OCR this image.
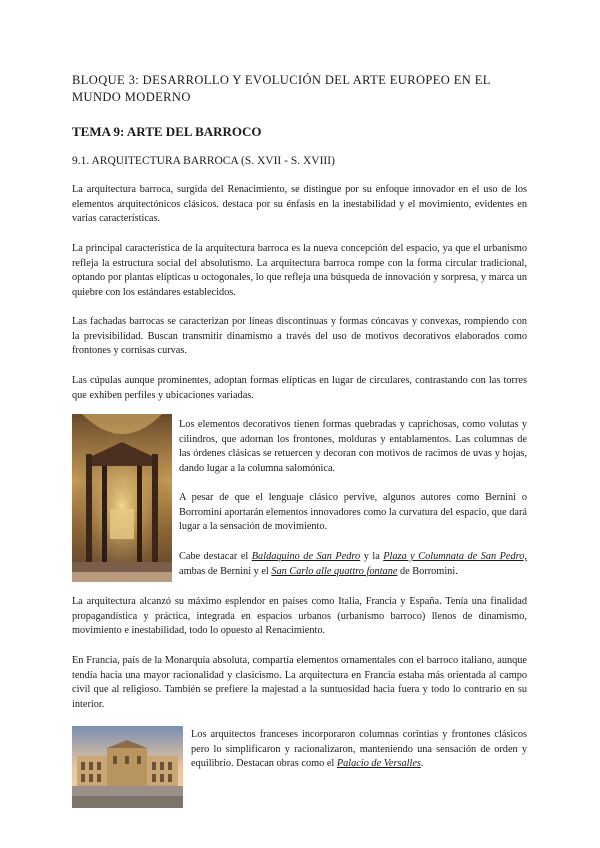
BLOQUE 3: DESARROLLO Y EVOLUCIÓN DEL ARTE EUROPEO EN EL MUNDO MODERNO
TEMA 9: ARTE DEL BARROCO
9.1. ARQUITECTURA BARROCA (S. XVII - S. XVIII)

La arquitectura barroca, surgida del Renacimiento, se distingue por su enfoque innovador en el uso de los elementos arquitectónicos clásicos. destaca por su énfasis en la inestabilidad y el movimiento, evidentes en varias características.

La principal característica de la arquitectura barroca es la nueva concepción del espacio, ya que el urbanismo refleja la estructura social del absolutismo. La arquitectura barroca rompe con la forma circular tradicional, optando por plantas elípticas u octogonales, lo que refleja una búsqueda de innovación y sorpresa, y marca un quiebre con los estándares establecidos.

Las fachadas barrocas se caracterizan por líneas discontinuas y formas cóncavas y convexas, rompiendo con la previsibilidad. Buscan transmitir dinamismo a través del uso de motivos decorativos elaborados como frontones y cornisas curvas.

Las cúpulas aunque prominentes, adoptan formas elípticas en lugar de circulares, contrastando con las torres que exhiben perfiles y ubicaciones variadas.

Los elementos decorativos tienen formas quebradas y caprichosas, como volutas y cilindros, que adornan los frontones, molduras y entablamentos. Las columnas de las órdenes clásicas se retuercen y decoran con motivos de racimos de uvas y hojas, dando lugar a la columna salomónica.

A pesar de que el lenguaje clásico pervive, algunos autores como Bernini o Borromini aportarán elementos innovadores como la curvatura del espacio, que dará lugar a la sensación de movimiento.

Cabe destacar el Baldaquino de San Pedro y la Plaza y Columnata de San Pedro, ambas de Bernini y el San Carlo alle quattro fontane de Borromini.

La arquitectura alcanzó su máximo esplendor en países como Italia, Francia y España. Tenía una finalidad propagandística y práctica, integrada en espacios urbanos (urbanismo barroco) llenos de dinamismo, movimiento e inestabilidad, todo lo opuesto al Renacimiento.

En Francia, país de la Monarquía absoluta, compartía elementos ornamentales con el barroco italiano, aunque tendía hacia una mayor racionalidad y clasicismo. La arquitectura en Francia estaba más orientada al campo civil que al religioso. También se prefiere la majestad a la suntuosidad hacia fuera y todo lo contrario en su interior.

Los arquitectos franceses incorporaron columnas corintias y frontones clásicos pero lo simplificaron y racionalizaron, manteniendo una sensación de orden y equilibrio. Destacan obras como el Palacio de Versalles.
